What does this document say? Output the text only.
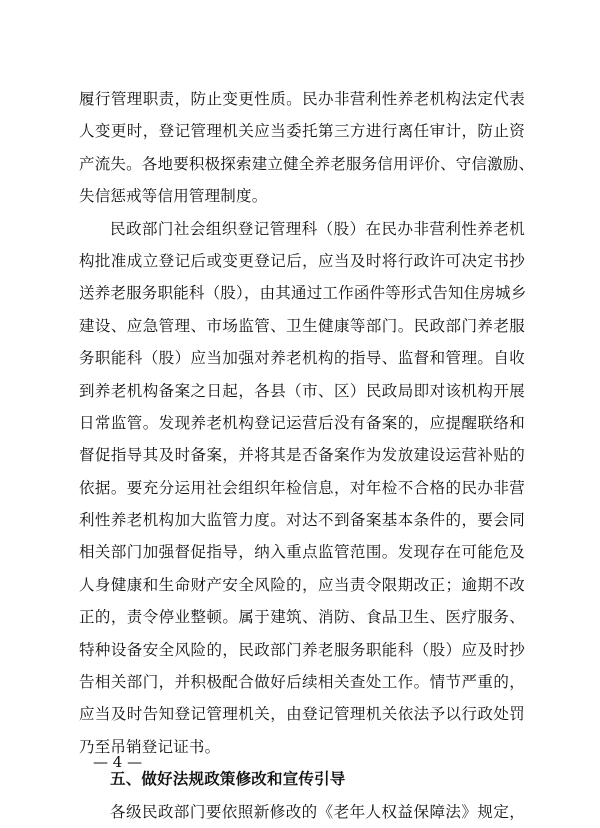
履行管理职责，防止变更性质。民办非营利性养老机构法定代表
人变更时，登记管理机关应当委托第三方进行离任审计，防止资
产流失。各地要积极探索建立健全养老服务信用评价、守信激励、
失信惩戒等信用管理制度。
民政部门社会组织登记管理科（股）在民办非营利性养老机
构批准成立登记后或变更登记后，应当及时将行政许可决定书抄
送养老服务职能科（股），由其通过工作函件等形式告知住房城乡
建设、应急管理、市场监管、卫生健康等部门。民政部门养老服
务职能科（股）应当加强对养老机构的指导、监督和管理。自收
到养老机构备案之日起，各县（市、区）民政局即对该机构开展
日常监管。发现养老机构登记运营后没有备案的，应提醒联络和
督促指导其及时备案，并将其是否备案作为发放建设运营补贴的
依据。要充分运用社会组织年检信息，对年检不合格的民办非营
利性养老机构加大监管力度。对达不到备案基本条件的，要会同
相关部门加强督促指导，纳入重点监管范围。发现存在可能危及
人身健康和生命财产安全风险的，应当责令限期改正；逾期不改
正的，责令停业整顿。属于建筑、消防、食品卫生、医疗服务、
特种设备安全风险的，民政部门养老服务职能科（股）应及时抄
告相关部门，并积极配合做好后续相关查处工作。情节严重的，
应当及时告知登记管理机关，由登记管理机关依法予以行政处罚
乃至吊销登记证书。
五、做好法规政策修改和宣传引导
各级民政部门要依照新修改的《老年人权益保障法》规定，
— 4 —
